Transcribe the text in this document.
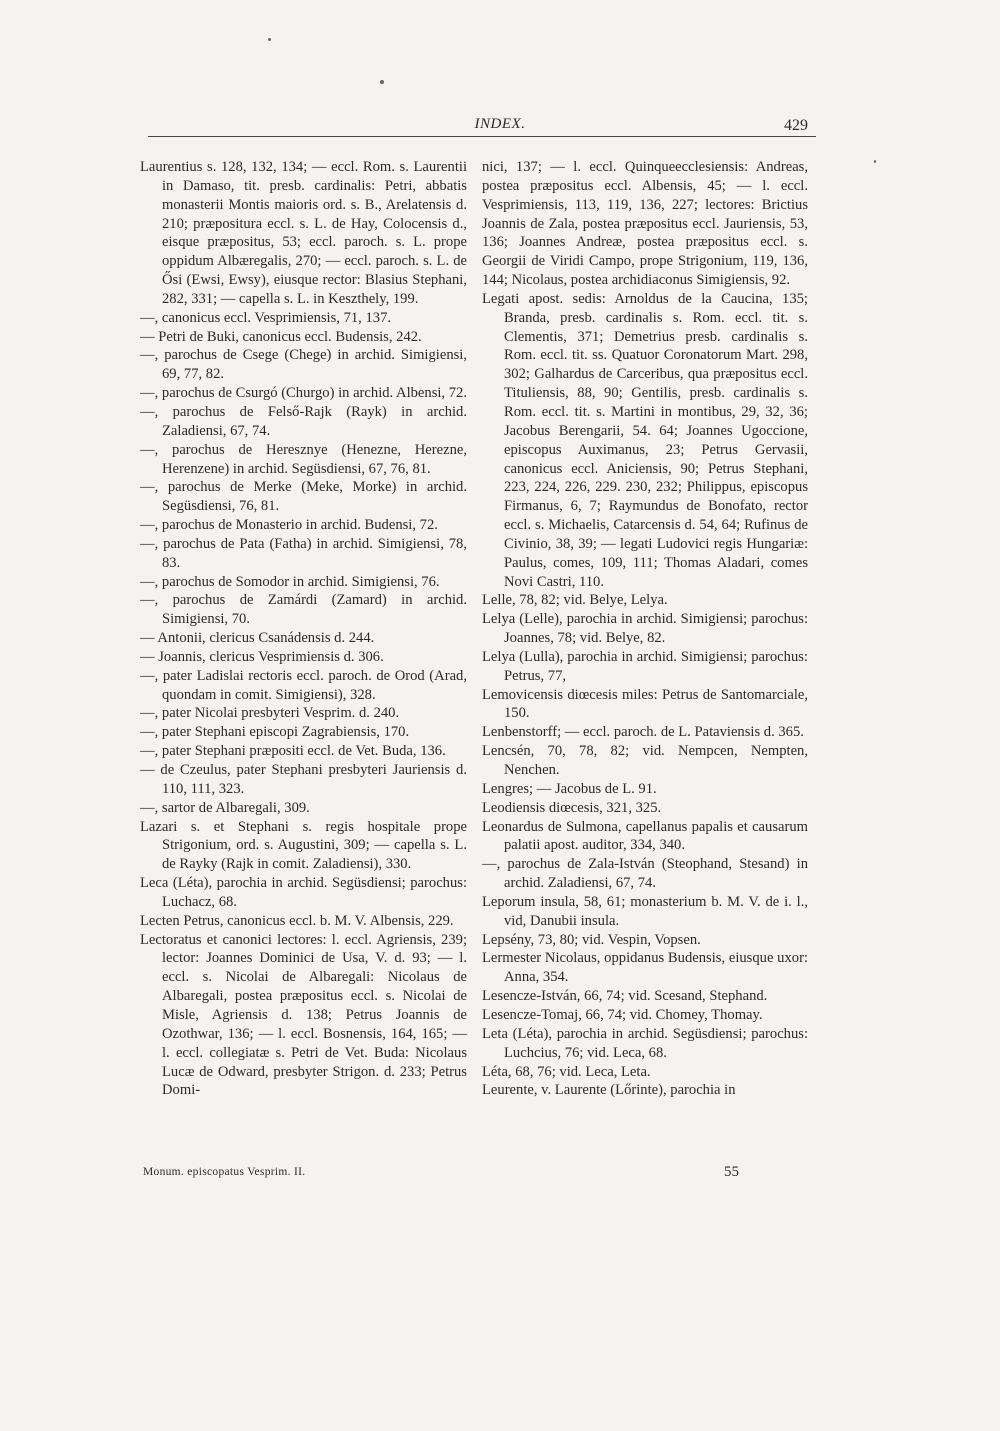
INDEX.	429

Laurentius s. 128, 132, 134; — eccl. Rom. s. Laurentii in Damaso, tit. presb. cardinalis: Petri, abbatis monasterii Montis maioris ord. s. B., Arelatensis d. 210; præpositura eccl. s. L. de Hay, Colocensis d., eisque præpositus, 53; eccl. paroch. s. L. prope oppidum Albæregalis, 270; — eccl. paroch. s. L. de Ősi (Ewsi, Ewsy), eiusque rector: Blasius Stephani, 282, 331; — capella s. L. in Keszthely, 199.

—, canonicus eccl. Vesprimiensis, 71, 137.

— Petri de Buki, canonicus eccl. Budensis, 242.

—, parochus de Csege (Chege) in archid. Simigiensi, 69, 77, 82.

—, parochus de Csurgó (Churgo) in archid. Albensi, 72.

—, parochus de Felső-Rajk (Rayk) in archid. Zaladiensi, 67, 74.

—, parochus de Heresznye (Henezne, Herezne, Herenzene) in archid. Següsdiensi, 67, 76, 81.

—, parochus de Merke (Meke, Morke) in archid. Següsdiensi, 76, 81.

—, parochus de Monasterio in archid. Budensi, 72.

—, parochus de Pata (Fatha) in archid. Simigiensi, 78, 83.

—, parochus de Somodor in archid. Simigiensi, 76.

—, parochus de Zamárdi (Zamard) in archid. Simigiensi, 70.

— Antonii, clericus Csanádensis d. 244.

— Joannis, clericus Vesprimiensis d. 306.

—, pater Ladislai rectoris eccl. paroch. de Orod (Arad, quondam in comit. Simigiensi), 328.

—, pater Nicolai presbyteri Vesprim. d. 240.

—, pater Stephani episcopi Zagrabiensis, 170.

—, pater Stephani præpositi eccl. de Vet. Buda, 136.

— de Czeulus, pater Stephani presbyteri Jauriensis d. 110, 111, 323.

—, sartor de Albaregali, 309.

Lazari s. et Stephani s. regis hospitale prope Strigonium, ord. s. Augustini, 309; — capella s. L. de Rayky (Rajk in comit. Zaladiensi), 330.

Leca (Léta), parochia in archid. Següsdiensi; parochus: Luchacz, 68.

Lecten Petrus, canonicus eccl. b. M. V. Albensis, 229.

Lectoratus et canonici lectores: l. eccl. Agriensis, 239; lector: Joannes Dominici de Usa, V. d. 93; — l. eccl. s. Nicolai de Albaregali: Nicolaus de Albaregali, postea præpositus eccl. s. Nicolai de Misle, Agriensis d. 138; Petrus Joannis de Ozothwar, 136; — l. eccl. Bosnensis, 164, 165; — l. eccl. collegiatæ s. Petri de Vet. Buda: Nicolaus Lucæ de Odward, presbyter Strigon. d. 233; Petrus Domi-

nici, 137; — l. eccl. Quinqueecclesiensis: Andreas, postea præpositus eccl. Albensis, 45; — l. eccl. Vesprimiensis, 113, 119, 136, 227; lectores: Brictius Joannis de Zala, postea præpositus eccl. Jauriensis, 53, 136; Joannes Andreæ, postea præpositus eccl. s. Georgii de Viridi Campo, prope Strigonium, 119, 136, 144; Nicolaus, postea archidiaconus Simigiensis, 92.

Legati apost. sedis: Arnoldus de la Caucina, 135; Branda, presb. cardinalis s. Rom. eccl. tit. s. Clementis, 371; Demetrius presb. cardinalis s. Rom. eccl. tit. ss. Quatuor Coronatorum Mart. 298, 302; Galhardus de Carceribus, qua præpositus eccl. Tituliensis, 88, 90; Gentilis, presb. cardinalis s. Rom. eccl. tit. s. Martini in montibus, 29, 32, 36; Jacobus Berengarii, 54. 64; Joannes Ugoccione, episcopus Auximanus, 23; Petrus Gervasii, canonicus eccl. Aniciensis, 90; Petrus Stephani, 223, 224, 226, 229. 230, 232; Philippus, episcopus Firmanus, 6, 7; Raymundus de Bonofato, rector eccl. s. Michaelis, Catarcensis d. 54, 64; Rufinus de Civinio, 38, 39; — legati Ludovici regis Hungariæ: Paulus, comes, 109, 111; Thomas Aladari, comes Novi Castri, 110.

Lelle, 78, 82; vid. Belye, Lelya.

Lelya (Lelle), parochia in archid. Simigiensi; parochus: Joannes, 78; vid. Belye, 82.

Lelya (Lulla), parochia in archid. Simigiensi; parochus: Petrus, 77,

Lemovicensis diœcesis miles: Petrus de Santomarciale, 150.

Lenbenstorff; — eccl. paroch. de L. Pataviensis d. 365.

Lencsén, 70, 78, 82; vid. Nempcen, Nempten, Nenchen.

Lengres; — Jacobus de L. 91.

Leodiensis diœcesis, 321, 325.

Leonardus de Sulmona, capellanus papalis et causarum palatii apost. auditor, 334, 340.

—, parochus de Zala-István (Steophand, Stesand) in archid. Zaladiensi, 67, 74.

Leporum insula, 58, 61; monasterium b. M. V. de i. l., vid, Danubii insula.

Lepsény, 73, 80; vid. Vespin, Vopsen.

Lermester Nicolaus, oppidanus Budensis, eiusque uxor: Anna, 354.

Lesencze-István, 66, 74; vid. Scesand, Stephand.

Lesencze-Tomaj, 66, 74; vid. Chomey, Thomay.

Leta (Léta), parochia in archid. Següsdiensi; parochus: Luchcius, 76; vid. Leca, 68.

Léta, 68, 76; vid. Leca, Leta.

Leurente, v. Laurente (Lőrinte), parochia in

Monum. episcopatus Vesprim. II.	55
